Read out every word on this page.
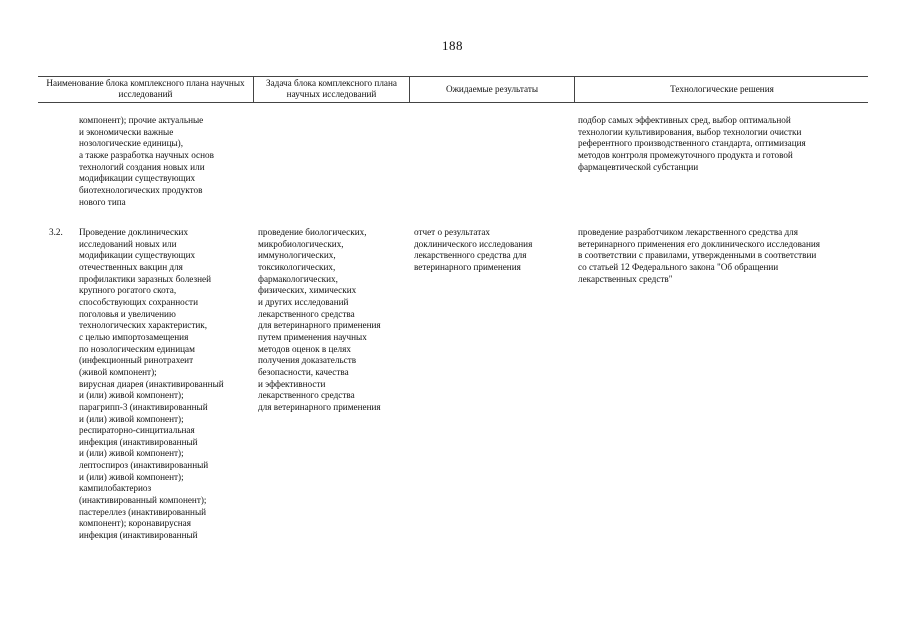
188
Наименование блока комплексного плана научных исследований
Задача блока комплексного плана научных исследований
Ожидаемые результаты	Технологические решения

компонент); прочие актуальные
и экономически важные
нозологические единицы),
а также разработка научных основ
технологий создания новых или
модификации существующих
биотехнологических продуктов
нового типа

подбор самых эффективных сред, выбор оптимальной
технологии культивирования, выбор технологии очистки
референтного производственного стандарта, оптимизация
методов контроля промежуточного продукта и готовой
фармацевтической субстанции

3.2. Проведение доклинических
исследований новых или
модификации существующих
отечественных вакцин для
профилактики заразных болезней
крупного рогатого скота,
способствующих сохранности
поголовья и увеличению
технологических характеристик,
с целью импортозамещения
по нозологическим единицам
(инфекционный ринотрахеит
(живой компонент);
вирусная диарея (инактивированный
и (или) живой компонент);
парагрипп-3 (инактивированный
и (или) живой компонент);
респираторно-синцитиальная
инфекция (инактивированный
и (или) живой компонент);
лептоспироз (инактивированный
и (или) живой компонент);
кампилобактериоз
(инактивированный компонент);
пастереллез (инактивированный
компонент); коронавирусная
инфекция (инактивированный

проведение биологических,
микробиологических,
иммунологических,
токсикологических,
фармакологических,
физических, химических
и других исследований
лекарственного средства
для ветеринарного применения
путем применения научных
методов оценок в целях
получения доказательств
безопасности, качества
и эффективности
лекарственного средства
для ветеринарного применения

отчет о результатах
доклинического исследования
лекарственного средства для
ветеринарного применения

проведение разработчиком лекарственного средства для
ветеринарного применения его доклинического исследования
в соответствии с правилами, утвержденными в соответствии
со статьей 12 Федерального закона "Об обращении
лекарственных средств"
